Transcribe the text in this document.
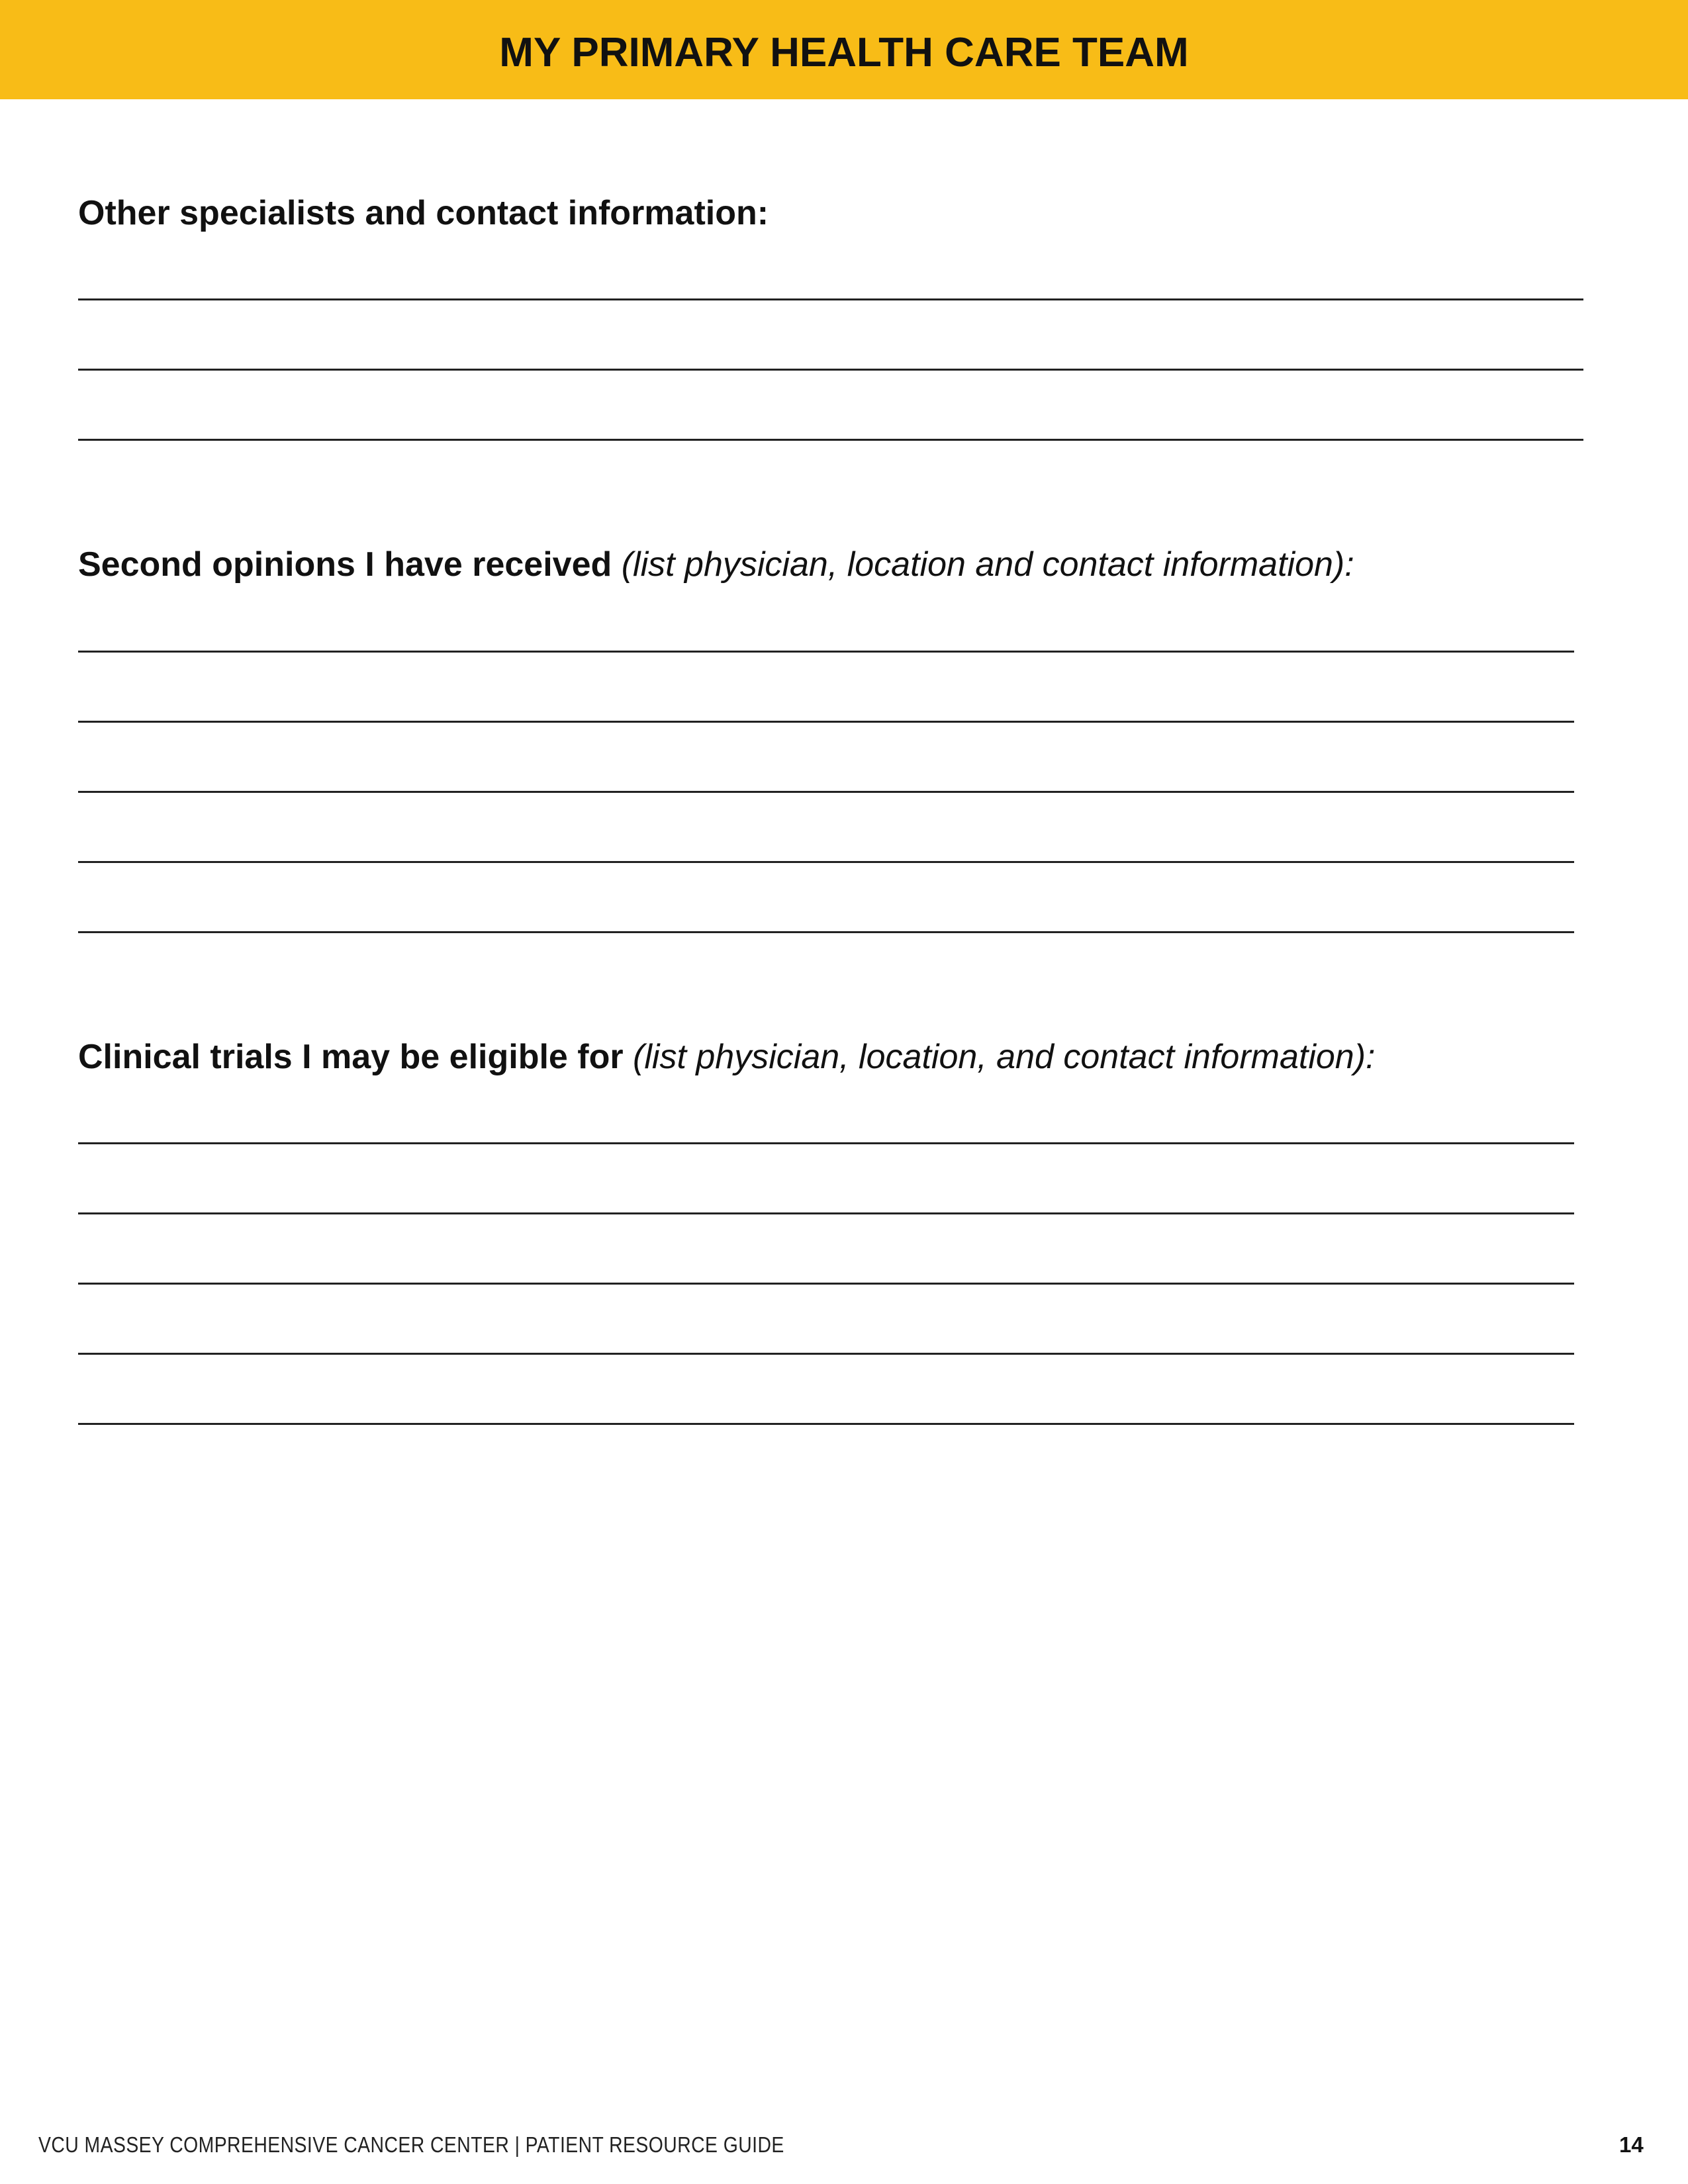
MY PRIMARY HEALTH CARE TEAM
Other specialists and contact information:
Second opinions I have received (list physician, location and contact information):
Clinical trials I may be eligible for (list physician, location, and contact information):
VCU MASSEY COMPREHENSIVE CANCER CENTER | PATIENT RESOURCE GUIDE	14
